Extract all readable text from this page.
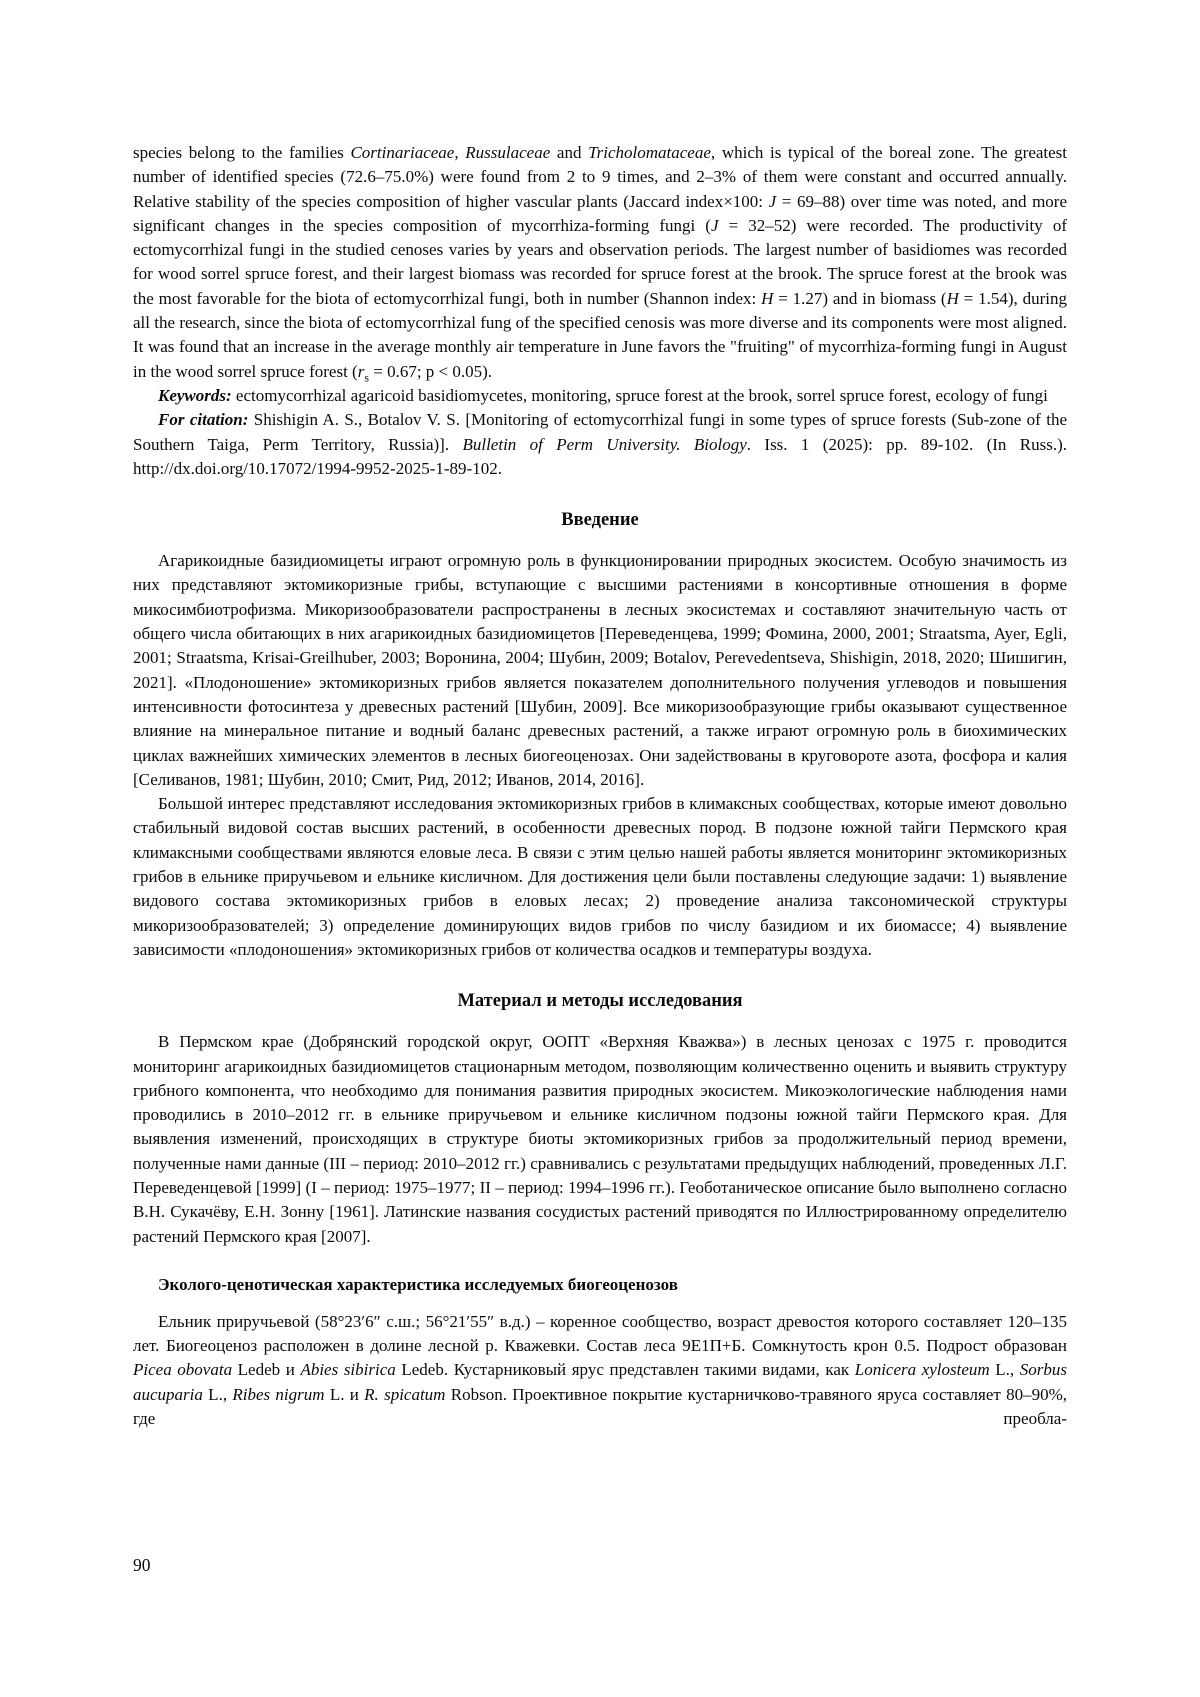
species belong to the families Cortinariaceae, Russulaceae and Tricholomataceae, which is typical of the boreal zone. The greatest number of identified species (72.6–75.0%) were found from 2 to 9 times, and 2–3% of them were constant and occurred annually. Relative stability of the species composition of higher vascular plants (Jaccard index×100: J = 69–88) over time was noted, and more significant changes in the species composition of mycorrhiza-forming fungi (J = 32–52) were recorded. The productivity of ectomycorrhizal fungi in the studied cenoses varies by years and observation periods. The largest number of basidiomes was recorded for wood sorrel spruce forest, and their largest biomass was recorded for spruce forest at the brook. The spruce forest at the brook was the most favorable for the biota of ectomycorrhizal fungi, both in number (Shannon index: H = 1.27) and in biomass (H = 1.54), during all the research, since the biota of ectomycorrhizal fung of the specified cenosis was more diverse and its components were most aligned. It was found that an increase in the average monthly air temperature in June favors the "fruiting" of mycorrhiza-forming fungi in August in the wood sorrel spruce forest ($r_s = 0.67$; p < 0.05).

Keywords: ectomycorrhizal agaricoid basidiomycetes, monitoring, spruce forest at the brook, sorrel spruce forest, ecology of fungi

For citation: Shishigin A. S., Botalov V. S. [Monitoring of ectomycorrhizal fungi in some types of spruce forests (Sub-zone of the Southern Taiga, Perm Territory, Russia)]. Bulletin of Perm University. Biology. Iss. 1 (2025): pp. 89-102. (In Russ.). http://dx.doi.org/10.17072/1994-9952-2025-1-89-102.

Введение

Агарикоидные базидиомицеты играют огромную роль в функционировании природных экосистем. Особую значимость из них представляют эктомикоризные грибы, вступающие с высшими растениями в консортивные отношения в форме микосимбиотрофизма. Микоризообразователи распространены в лесных экосистемах и составляют значительную часть от общего числа обитающих в них агарикоидных базидиомицетов [Переведенцева, 1999; Фомина, 2000, 2001; Straatsma, Ayer, Egli, 2001; Straatsma, Krisai-Greilhuber, 2003; Воронина, 2004; Шубин, 2009; Botalov, Perevedentseva, Shishigin, 2018, 2020; Шишигин, 2021]. «Плодоношение» эктомикоризных грибов является показателем дополнительного получения углеводов и повышения интенсивности фотосинтеза у древесных растений [Шубин, 2009]. Все микоризообразующие грибы оказывают существенное влияние на минеральное питание и водный баланс древесных растений, а также играют огромную роль в биохимических циклах важнейших химических элементов в лесных биогеоценозах. Они задействованы в круговороте азота, фосфора и калия [Селиванов, 1981; Шубин, 2010; Смит, Рид, 2012; Иванов, 2014, 2016].

Большой интерес представляют исследования эктомикоризных грибов в климаксных сообществах, которые имеют довольно стабильный видовой состав высших растений, в особенности древесных пород. В подзоне южной тайги Пермского края климаксными сообществами являются еловые леса. В связи с этим целью нашей работы является мониторинг эктомикоризных грибов в ельнике приручьевом и ельнике кисличном. Для достижения цели были поставлены следующие задачи: 1) выявление видового состава эктомикоризных грибов в еловых лесах; 2) проведение анализа таксономической структуры микоризообразователей; 3) определение доминирующих видов грибов по числу базидиом и их биомассе; 4) выявление зависимости «плодоношения» эктомикоризных грибов от количества осадков и температуры воздуха.

Материал и методы исследования

В Пермском крае (Добрянский городской округ, ООПТ «Верхняя Кважва») в лесных ценозах с 1975 г. проводится мониторинг агарикоидных базидиомицетов стационарным методом, позволяющим количественно оценить и выявить структуру грибного компонента, что необходимо для понимания развития природных экосистем. Микоэкологические наблюдения нами проводились в 2010–2012 гг. в ельнике приручьевом и ельнике кисличном подзоны южной тайги Пермского края. Для выявления изменений, происходящих в структуре биоты эктомикоризных грибов за продолжительный период времени, полученные нами данные (III – период: 2010–2012 гг.) сравнивались с результатами предыдущих наблюдений, проведенных Л.Г. Переведенцевой [1999] (I – период: 1975–1977; II – период: 1994–1996 гг.). Геоботаническое описание было выполнено согласно В.Н. Сукачёву, Е.Н. Зонну [1961]. Латинские названия сосудистых растений приводятся по Иллюстрированному определителю растений Пермского края [2007].

Эколого-ценотическая характеристика исследуемых биогеоценозов

Ельник приручьевой (58°23′6″ с.ш.; 56°21′55″ в.д.) – коренное сообщество, возраст древостоя которого составляет 120–135 лет. Биогеоценоз расположен в долине лесной р. Кважевки. Состав леса 9Е1П+Б. Сомкнутость крон 0.5. Подрост образован Picea obovata Ledeb и Abies sibirica Ledeb. Кустарниковый ярус представлен такими видами, как Lonicera xylosteum L., Sorbus aucuparia L., Ribes nigrum L. и R. spicatum Robson. Проективное покрытие кустарничково-травяного яруса составляет 80–90%, где преобла-

90
